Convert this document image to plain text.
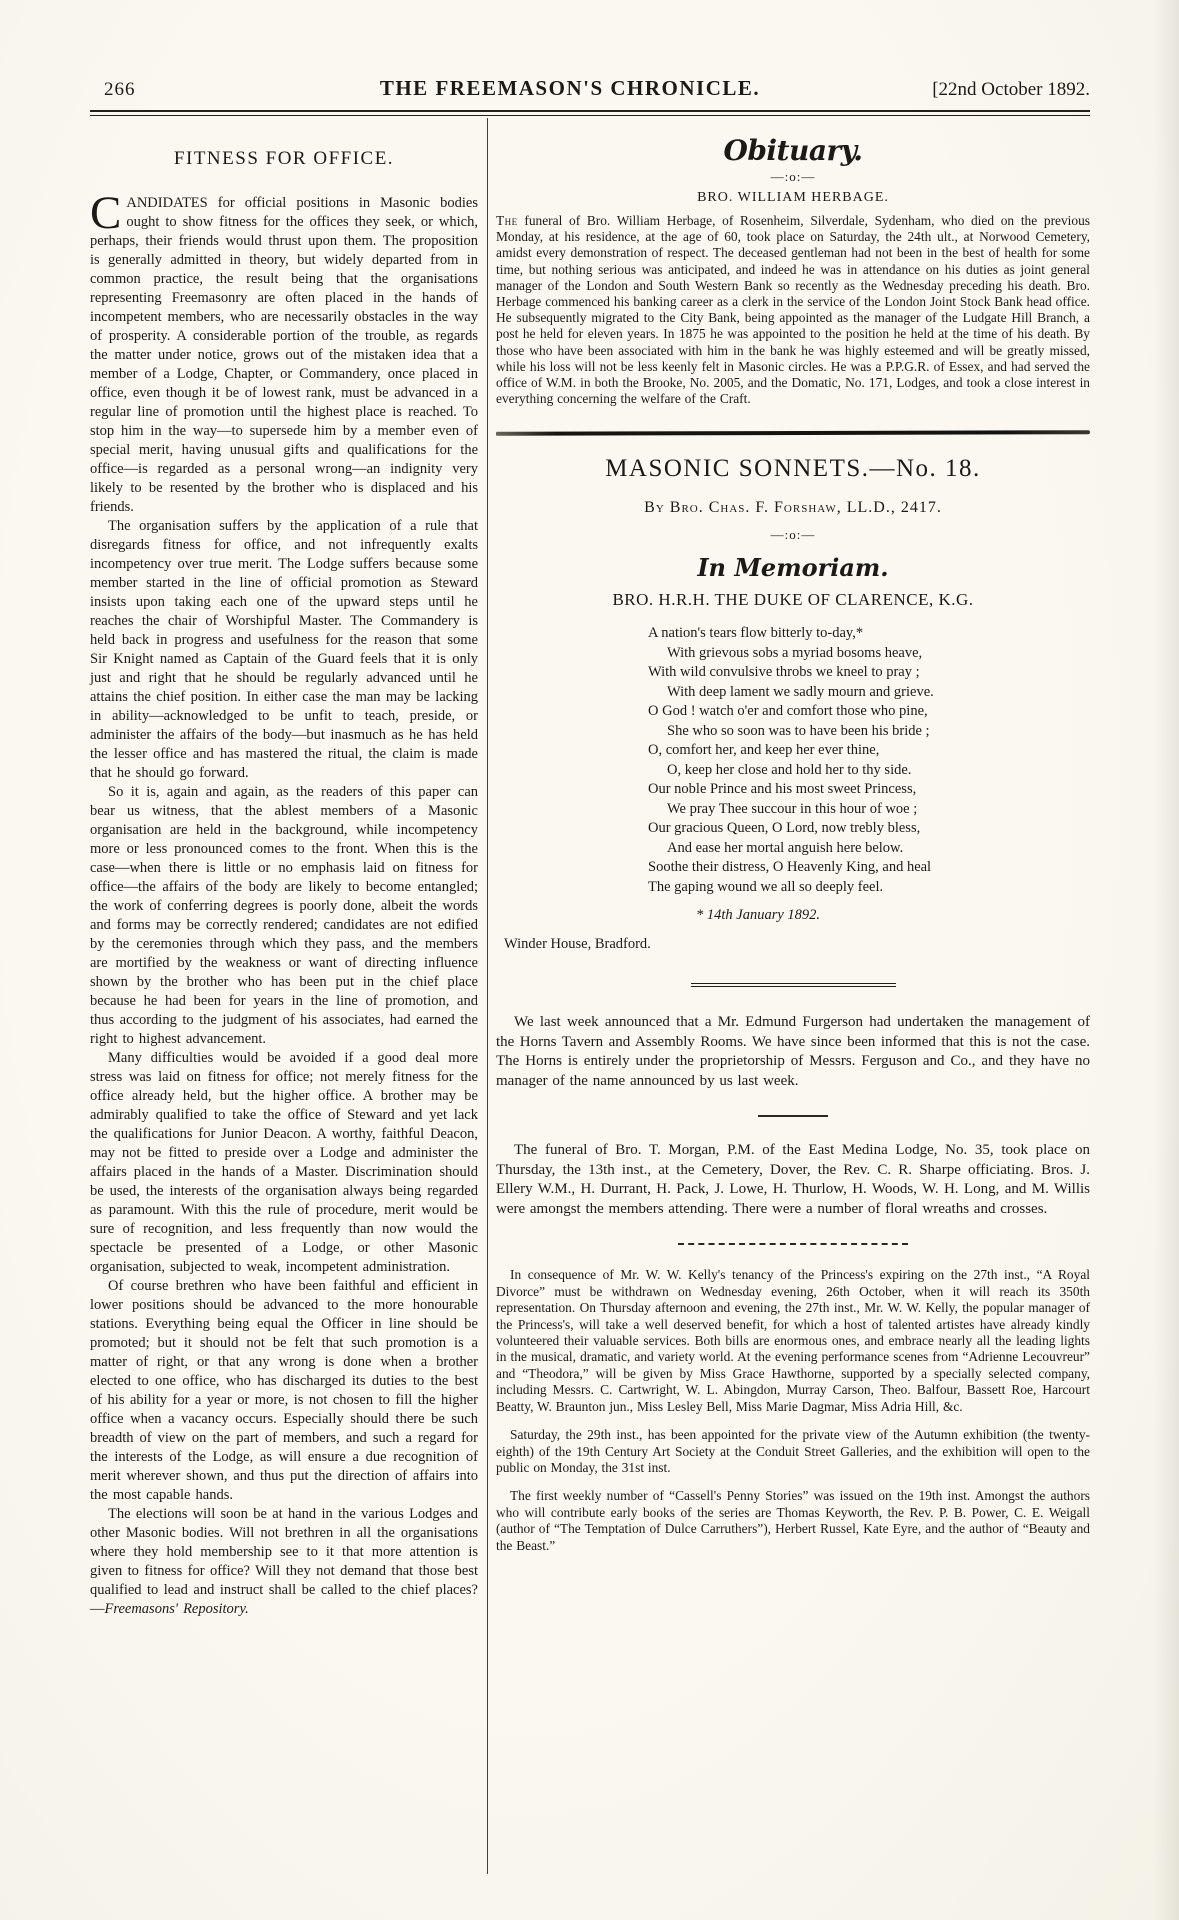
266	THE FREEMASON'S CHRONICLE.	[22nd October 1892.
FITNESS FOR OFFICE.

CANDIDATES for official positions in Masonic bodies ought to show fitness for the offices they seek, or which, perhaps, their friends would thrust upon them. The proposition is generally admitted in theory, but widely departed from in common practice, the result being that the organisations representing Freemasonry are often placed in the hands of incompetent members, who are necessarily obstacles in the way of prosperity. A considerable portion of the trouble, as regards the matter under notice, grows out of the mistaken idea that a member of a Lodge, Chapter, or Commandery, once placed in office, even though it be of lowest rank, must be advanced in a regular line of promotion until the highest place is reached. To stop him in the way—to supersede him by a member even of special merit, having unusual gifts and qualifications for the office—is regarded as a personal wrong—an indignity very likely to be resented by the brother who is displaced and his friends.

The organisation suffers by the application of a rule that disregards fitness for office, and not infrequently exalts incompetency over true merit. The Lodge suffers because some member started in the line of official promotion as Steward insists upon taking each one of the upward steps until he reaches the chair of Worshipful Master. The Commandery is held back in progress and usefulness for the reason that some Sir Knight named as Captain of the Guard feels that it is only just and right that he should be regularly advanced until he attains the chief position. In either case the man may be lacking in ability—acknowledged to be unfit to teach, preside, or administer the affairs of the body—but inasmuch as he has held the lesser office and has mastered the ritual, the claim is made that he should go forward.

So it is, again and again, as the readers of this paper can bear us witness, that the ablest members of a Masonic organisation are held in the background, while incompetency more or less pronounced comes to the front. When this is the case—when there is little or no emphasis laid on fitness for office—the affairs of the body are likely to become entangled; the work of conferring degrees is poorly done, albeit the words and forms may be correctly rendered; candidates are not edified by the ceremonies through which they pass, and the members are mortified by the weakness or want of directing influence shown by the brother who has been put in the chief place because he had been for years in the line of promotion, and thus according to the judgment of his associates, had earned the right to highest advancement.

Many difficulties would be avoided if a good deal more stress was laid on fitness for office; not merely fitness for the office already held, but the higher office. A brother may be admirably qualified to take the office of Steward and yet lack the qualifications for Junior Deacon. A worthy, faithful Deacon, may not be fitted to preside over a Lodge and administer the affairs placed in the hands of a Master. Discrimination should be used, the interests of the organisation always being regarded as paramount. With this the rule of procedure, merit would be sure of recognition, and less frequently than now would the spectacle be presented of a Lodge, or other Masonic organisation, subjected to weak, incompetent administration.

Of course brethren who have been faithful and efficient in lower positions should be advanced to the more honourable stations. Everything being equal the Officer in line should be promoted; but it should not be felt that such promotion is a matter of right, or that any wrong is done when a brother elected to one office, who has discharged its duties to the best of his ability for a year or more, is not chosen to fill the higher office when a vacancy occurs. Especially should there be such breadth of view on the part of members, and such a regard for the interests of the Lodge, as will ensure a due recognition of merit wherever shown, and thus put the direction of affairs into the most capable hands.

The elections will soon be at hand in the various Lodges and other Masonic bodies. Will not brethren in all the organisations where they hold membership see to it that more attention is given to fitness for office? Will they not demand that those best qualified to lead and instruct shall be called to the chief places?—Freemasons' Repository.

Obituary.
—:o:—
BRO. WILLIAM HERBAGE.

The funeral of Bro. William Herbage, of Rosenheim, Silverdale, Sydenham, who died on the previous Monday, at his residence, at the age of 60, took place on Saturday, the 24th ult., at Norwood Cemetery, amidst every demonstration of respect. The deceased gentleman had not been in the best of health for some time, but nothing serious was anticipated, and indeed he was in attendance on his duties as joint general manager of the London and South Western Bank so recently as the Wednesday preceding his death. Bro. Herbage commenced his banking career as a clerk in the service of the London Joint Stock Bank head office. He subsequently migrated to the City Bank, being appointed as the manager of the Ludgate Hill Branch, a post he held for eleven years. In 1875 he was appointed to the position he held at the time of his death. By those who have been associated with him in the bank he was highly esteemed and will be greatly missed, while his loss will not be less keenly felt in Masonic circles. He was a P.P.G.R. of Essex, and had served the office of W.M. in both the Brooke, No. 2005, and the Domatic, No. 171, Lodges, and took a close interest in everything concerning the welfare of the Craft.

MASONIC SONNETS.—No. 18.
By Bro. Chas. F. Forshaw, LL.D., 2417.
—:o:—
In Memoriam.
BRO. H.R.H. THE DUKE OF CLARENCE, K.G.
A nation's tears flow bitterly to-day,*
With grievous sobs a myriad bosoms heave,
With wild convulsive throbs we kneel to pray ;
With deep lament we sadly mourn and grieve.
O God ! watch o'er and comfort those who pine,
She who so soon was to have been his bride ;
O, comfort her, and keep her ever thine,
O, keep her close and hold her to thy side.
Our noble Prince and his most sweet Princess,
We pray Thee succour in this hour of woe ;
Our gracious Queen, O Lord, now trebly bless,
And ease her mortal anguish here below.
Soothe their distress, O Heavenly King, and heal
The gaping wound we all so deeply feel.
* 14th January 1892.
Winder House, Bradford.

We last week announced that a Mr. Edmund Furgerson had undertaken the management of the Horns Tavern and Assembly Rooms. We have since been informed that this is not the case. The Horns is entirely under the proprietorship of Messrs. Ferguson and Co., and they have no manager of the name announced by us last week.

The funeral of Bro. T. Morgan, P.M. of the East Medina Lodge, No. 35, took place on Thursday, the 13th inst., at the Cemetery, Dover, the Rev. C. R. Sharpe officiating. Bros. J. Ellery W.M., H. Durrant, H. Pack, J. Lowe, H. Thurlow, H. Woods, W. H. Long, and M. Willis were amongst the members attending. There were a number of floral wreaths and crosses.

In consequence of Mr. W. W. Kelly's tenancy of the Princess's expiring on the 27th inst., “A Royal Divorce” must be withdrawn on Wednesday evening, 26th October, when it will reach its 350th representation. On Thursday afternoon and evening, the 27th inst., Mr. W. W. Kelly, the popular manager of the Princess's, will take a well deserved benefit, for which a host of talented artistes have already kindly volunteered their valuable services. Both bills are enormous ones, and embrace nearly all the leading lights in the musical, dramatic, and variety world. At the evening performance scenes from “Adrienne Lecouvreur” and “Theodora,” will be given by Miss Grace Hawthorne, supported by a specially selected company, including Messrs. C. Cartwright, W. L. Abingdon, Murray Carson, Theo. Balfour, Bassett Roe, Harcourt Beatty, W. Braunton jun., Miss Lesley Bell, Miss Marie Dagmar, Miss Adria Hill, &c.

Saturday, the 29th inst., has been appointed for the private view of the Autumn exhibition (the twenty-eighth) of the 19th Century Art Society at the Conduit Street Galleries, and the exhibition will open to the public on Monday, the 31st inst.

The first weekly number of “Cassell's Penny Stories” was issued on the 19th inst. Amongst the authors who will contribute early books of the series are Thomas Keyworth, the Rev. P. B. Power, C. E. Weigall (author of “The Temptation of Dulce Carruthers”), Herbert Russel, Kate Eyre, and the author of “Beauty and the Beast.”
